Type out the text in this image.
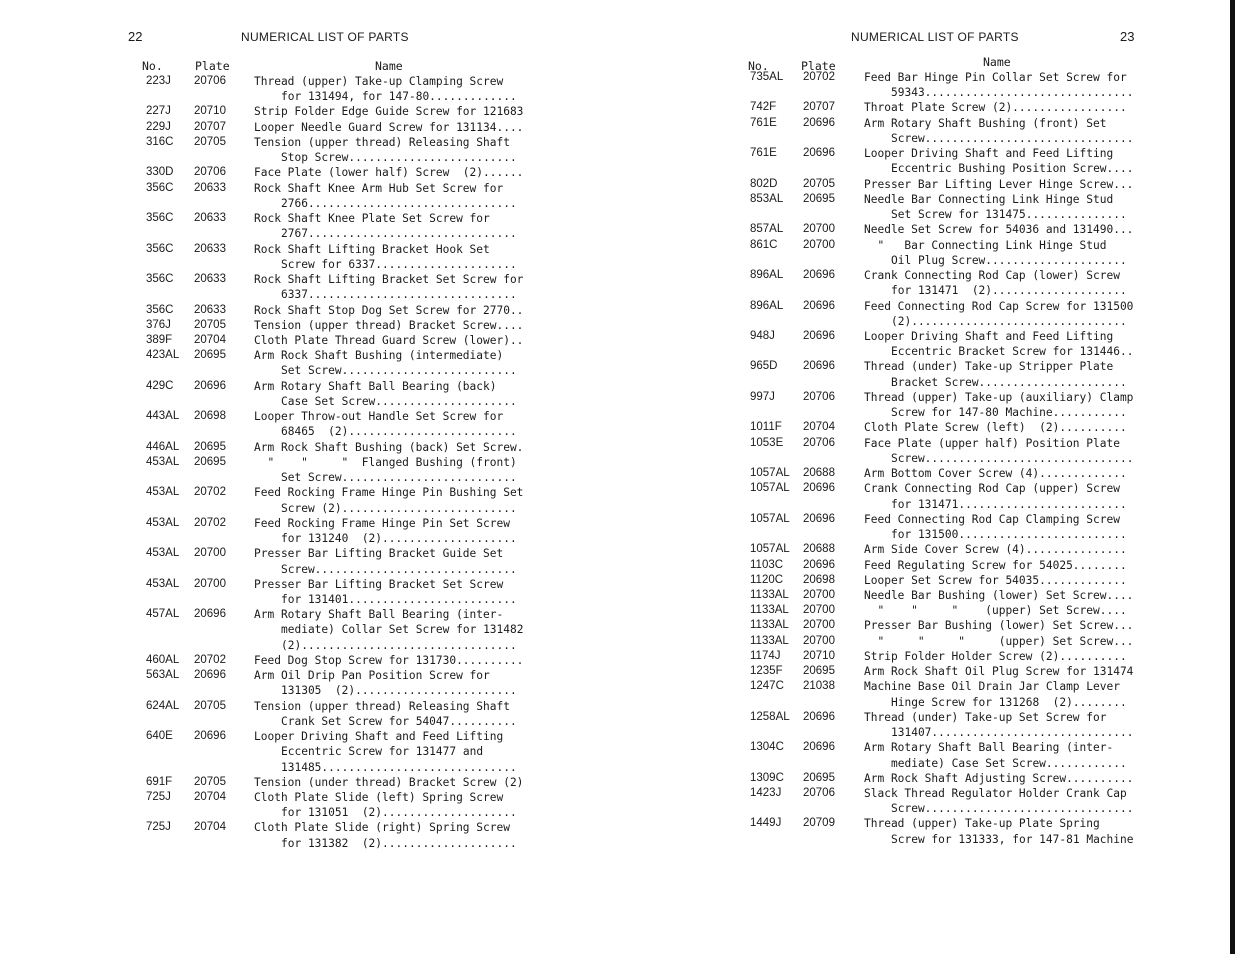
22	NUMERICAL LIST OF PARTS
No.	Plate	Name
223J 20706	Thread (upper) Take-up Clamping Screw
for 131494, for 147-80.............
227J 20710	Strip Folder Edge Guide Screw for 121683
229J 20707	Looper Needle Guard Screw for 131134....
316C 20705	Tension (upper thread) Releasing Shaft
Stop Screw.........................
330D 20706	Face Plate (lower half) Screw  (2)......
356C 20633	Rock Shaft Knee Arm Hub Set Screw for
2766...............................
356C 20633	Rock Shaft Knee Plate Set Screw for
2767...............................
356C 20633	Rock Shaft Lifting Bracket Hook Set
Screw for 6337.....................
356C 20633	Rock Shaft Lifting Bracket Set Screw for
6337...............................
356C 20633	Rock Shaft Stop Dog Set Screw for 2770..
376J 20705	Tension (upper thread) Bracket Screw....
389F 20704	Cloth Plate Thread Guard Screw (lower)..
423AL 20695	Arm Rock Shaft Bushing (intermediate)
Set Screw..........................
429C 20696	Arm Rotary Shaft Ball Bearing (back)
Case Set Screw.....................
443AL 20698	Looper Throw-out Handle Set Screw for
68465  (2).........................
446AL 20695	Arm Rock Shaft Bushing (back) Set Screw.
453AL 20695	"    "     "  Flanged Bushing (front)
Set Screw..........................
453AL 20702	Feed Rocking Frame Hinge Pin Bushing Set
Screw (2)..........................
453AL 20702	Feed Rocking Frame Hinge Pin Set Screw
for 131240  (2)....................
453AL 20700	Presser Bar Lifting Bracket Guide Set
Screw..............................
453AL 20700	Presser Bar Lifting Bracket Set Screw
for 131401.........................
457AL 20696	Arm Rotary Shaft Ball Bearing (inter-
mediate) Collar Set Screw for 131482
(2)................................
460AL 20702	Feed Dog Stop Screw for 131730..........
563AL 20696	Arm Oil Drip Pan Position Screw for
131305  (2)........................
624AL 20705	Tension (upper thread) Releasing Shaft
Crank Set Screw for 54047..........
640E 20696	Looper Driving Shaft and Feed Lifting
Eccentric Screw for 131477 and
131485.............................
691F 20705	Tension (under thread) Bracket Screw (2)
725J 20704	Cloth Plate Slide (left) Spring Screw
for 131051  (2)....................
725J 20704	Cloth Plate Slide (right) Spring Screw
for 131382  (2)....................
NUMERICAL LIST OF PARTS	23
No.	Plate	Name
735AL 20702	Feed Bar Hinge Pin Collar Set Screw for
59343...............................
742F 20707	Throat Plate Screw (2).................
761E 20696	Arm Rotary Shaft Bushing (front) Set
Screw...............................
761E 20696	Looper Driving Shaft and Feed Lifting
Eccentric Bushing Position Screw....
802D 20705	Presser Bar Lifting Lever Hinge Screw...
853AL 20695	Needle Bar Connecting Link Hinge Stud
Set Screw for 131475...............
857AL 20700	Needle Set Screw for 54036 and 131490...
861C 20700	"   Bar Connecting Link Hinge Stud
Oil Plug Screw.....................
896AL 20696	Crank Connecting Rod Cap (lower) Screw
for 131471  (2)....................
896AL 20696	Feed Connecting Rod Cap Screw for 131500
(2)................................
948J 20696	Looper Driving Shaft and Feed Lifting
Eccentric Bracket Screw for 131446..
965D 20696	Thread (under) Take-up Stripper Plate
Bracket Screw......................
997J 20706	Thread (upper) Take-up (auxiliary) Clamp
Screw for 147-80 Machine...........
1011F 20704	Cloth Plate Screw (left)  (2)..........
1053E 20706	Face Plate (upper half) Position Plate
Screw...............................
1057AL 20688	Arm Bottom Cover Screw (4).............
1057AL 20696	Crank Connecting Rod Cap (upper) Screw
for 131471.........................
1057AL 20696	Feed Connecting Rod Cap Clamping Screw
for 131500.........................
1057AL 20688	Arm Side Cover Screw (4)...............
1103C 20696	Feed Regulating Screw for 54025........
1120C 20698	Looper Set Screw for 54035.............
1133AL 20700	Needle Bar Bushing (lower) Set Screw....
1133AL 20700	"    "     "    (upper) Set Screw....
1133AL 20700	Presser Bar Bushing (lower) Set Screw...
1133AL 20700	"     "     "     (upper) Set Screw...
1174J 20710	Strip Folder Holder Screw (2)..........
1235F 20695	Arm Rock Shaft Oil Plug Screw for 131474
1247C 21038	Machine Base Oil Drain Jar Clamp Lever
Hinge Screw for 131268  (2)........
1258AL 20696	Thread (under) Take-up Set Screw for
131407..............................
1304C 20696	Arm Rotary Shaft Ball Bearing (inter-
mediate) Case Set Screw............
1309C 20695	Arm Rock Shaft Adjusting Screw..........
1423J 20706	Slack Thread Regulator Holder Crank Cap
Screw...............................
1449J 20709	Thread (upper) Take-up Plate Spring
Screw for 131333, for 147-81 Machine
